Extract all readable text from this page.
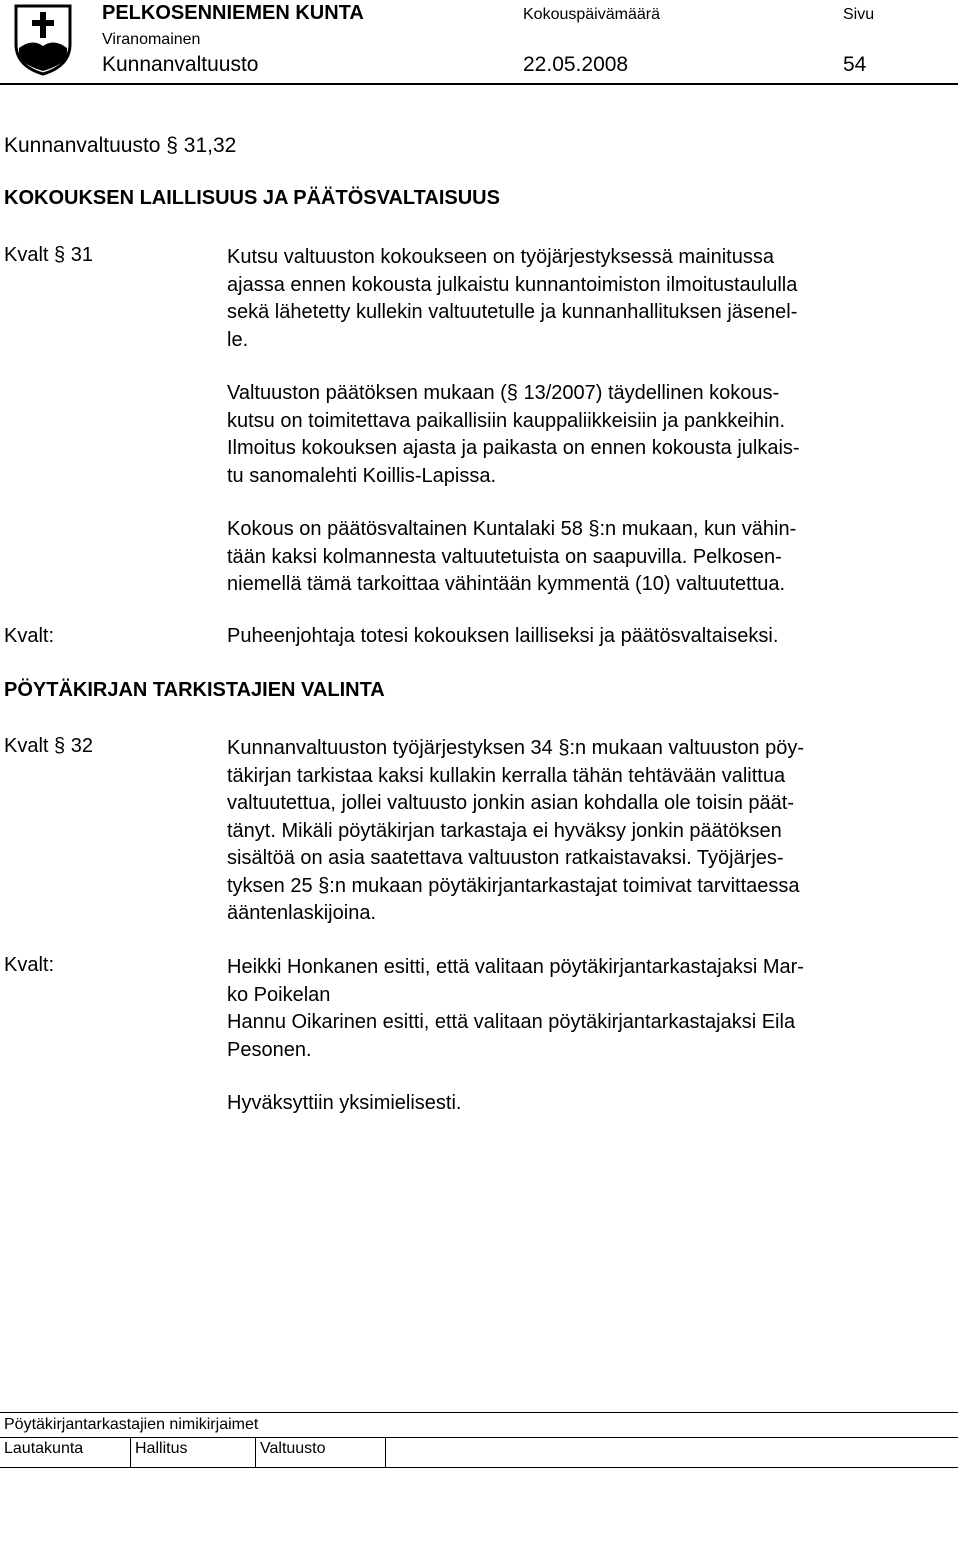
PELKOSENNIEMEN KUNTA
Viranomainen
Kunnanvaltuusto
Kokouspäivämäärä
22.05.2008
Sivu
54
Kunnanvaltuusto § 31,32
KOKOUKSEN LAILLISUUS JA PÄÄTÖSVALTAISUUS
Kvalt § 31	Kutsu valtuuston kokoukseen on työjärjestyksessä mainitussa
ajassa ennen kokousta julkaistu kunnantoimiston ilmoitustaululla
sekä lähetetty kullekin valtuutetulle ja kunnanhallituksen jäsenel-
le.
Valtuuston päätöksen mukaan (§ 13/2007) täydellinen kokous-
kutsu on toimitettava paikallisiin kauppaliikkeisiin ja pankkeihin.
Ilmoitus kokouksen ajasta ja paikasta on ennen kokousta julkais-
tu sanomalehti Koillis-Lapissa.
Kokous on päätösvaltainen Kuntalaki 58 §:n mukaan, kun vähin-
tään kaksi kolmannesta valtuutetuista on saapuvilla. Pelkosen-
niemellä tämä tarkoittaa vähintään kymmentä (10) valtuutettua.
Kvalt:	Puheenjohtaja totesi kokouksen lailliseksi ja päätösvaltaiseksi.
PÖYTÄKIRJAN TARKISTAJIEN VALINTA
Kvalt § 32	Kunnanvaltuuston työjärjestyksen 34 §:n mukaan valtuuston pöy-
täkirjan tarkistaa kaksi kullakin kerralla tähän tehtävään valittua
valtuutettua, jollei valtuusto jonkin asian kohdalla ole toisin päät-
tänyt. Mikäli pöytäkirjan tarkastaja ei hyväksy jonkin päätöksen
sisältöä on asia saatettava valtuuston ratkaistavaksi. Työjärjes-
tyksen 25 §:n mukaan pöytäkirjantarkastajat toimivat tarvittaessa
ääntenlaskijoina.
Kvalt:	Heikki Honkanen esitti, että valitaan pöytäkirjantarkastajaksi Mar-
ko Poikelan
Hannu Oikarinen esitti, että valitaan pöytäkirjantarkastajaksi Eila
Pesonen.
Hyväksyttiin yksimielisesti.
Pöytäkirjantarkastajien nimikirjaimet
Lautakunta	Hallitus	Valtuusto
